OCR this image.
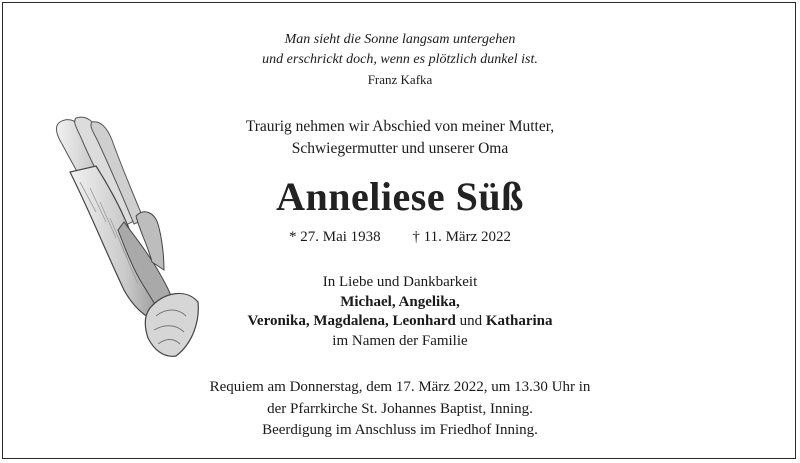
Man sieht die Sonne langsam untergehen
und erschrickt doch, wenn es plötzlich dunkel ist.
Franz Kafka
Traurig nehmen wir Abschied von meiner Mutter,
Schwiegermutter und unserer Oma
Anneliese Süß
* 27. Mai 1938 † 11. März 2022
In Liebe und Dankbarkeit
Michael, Angelika,
Veronika, Magdalena, Leonhard und Katharina
im Namen der Familie
Requiem am Donnerstag, dem 17. März 2022, um 13.30 Uhr in
der Pfarrkirche St. Johannes Baptist, Inning.
Beerdigung im Anschluss im Friedhof Inning.
